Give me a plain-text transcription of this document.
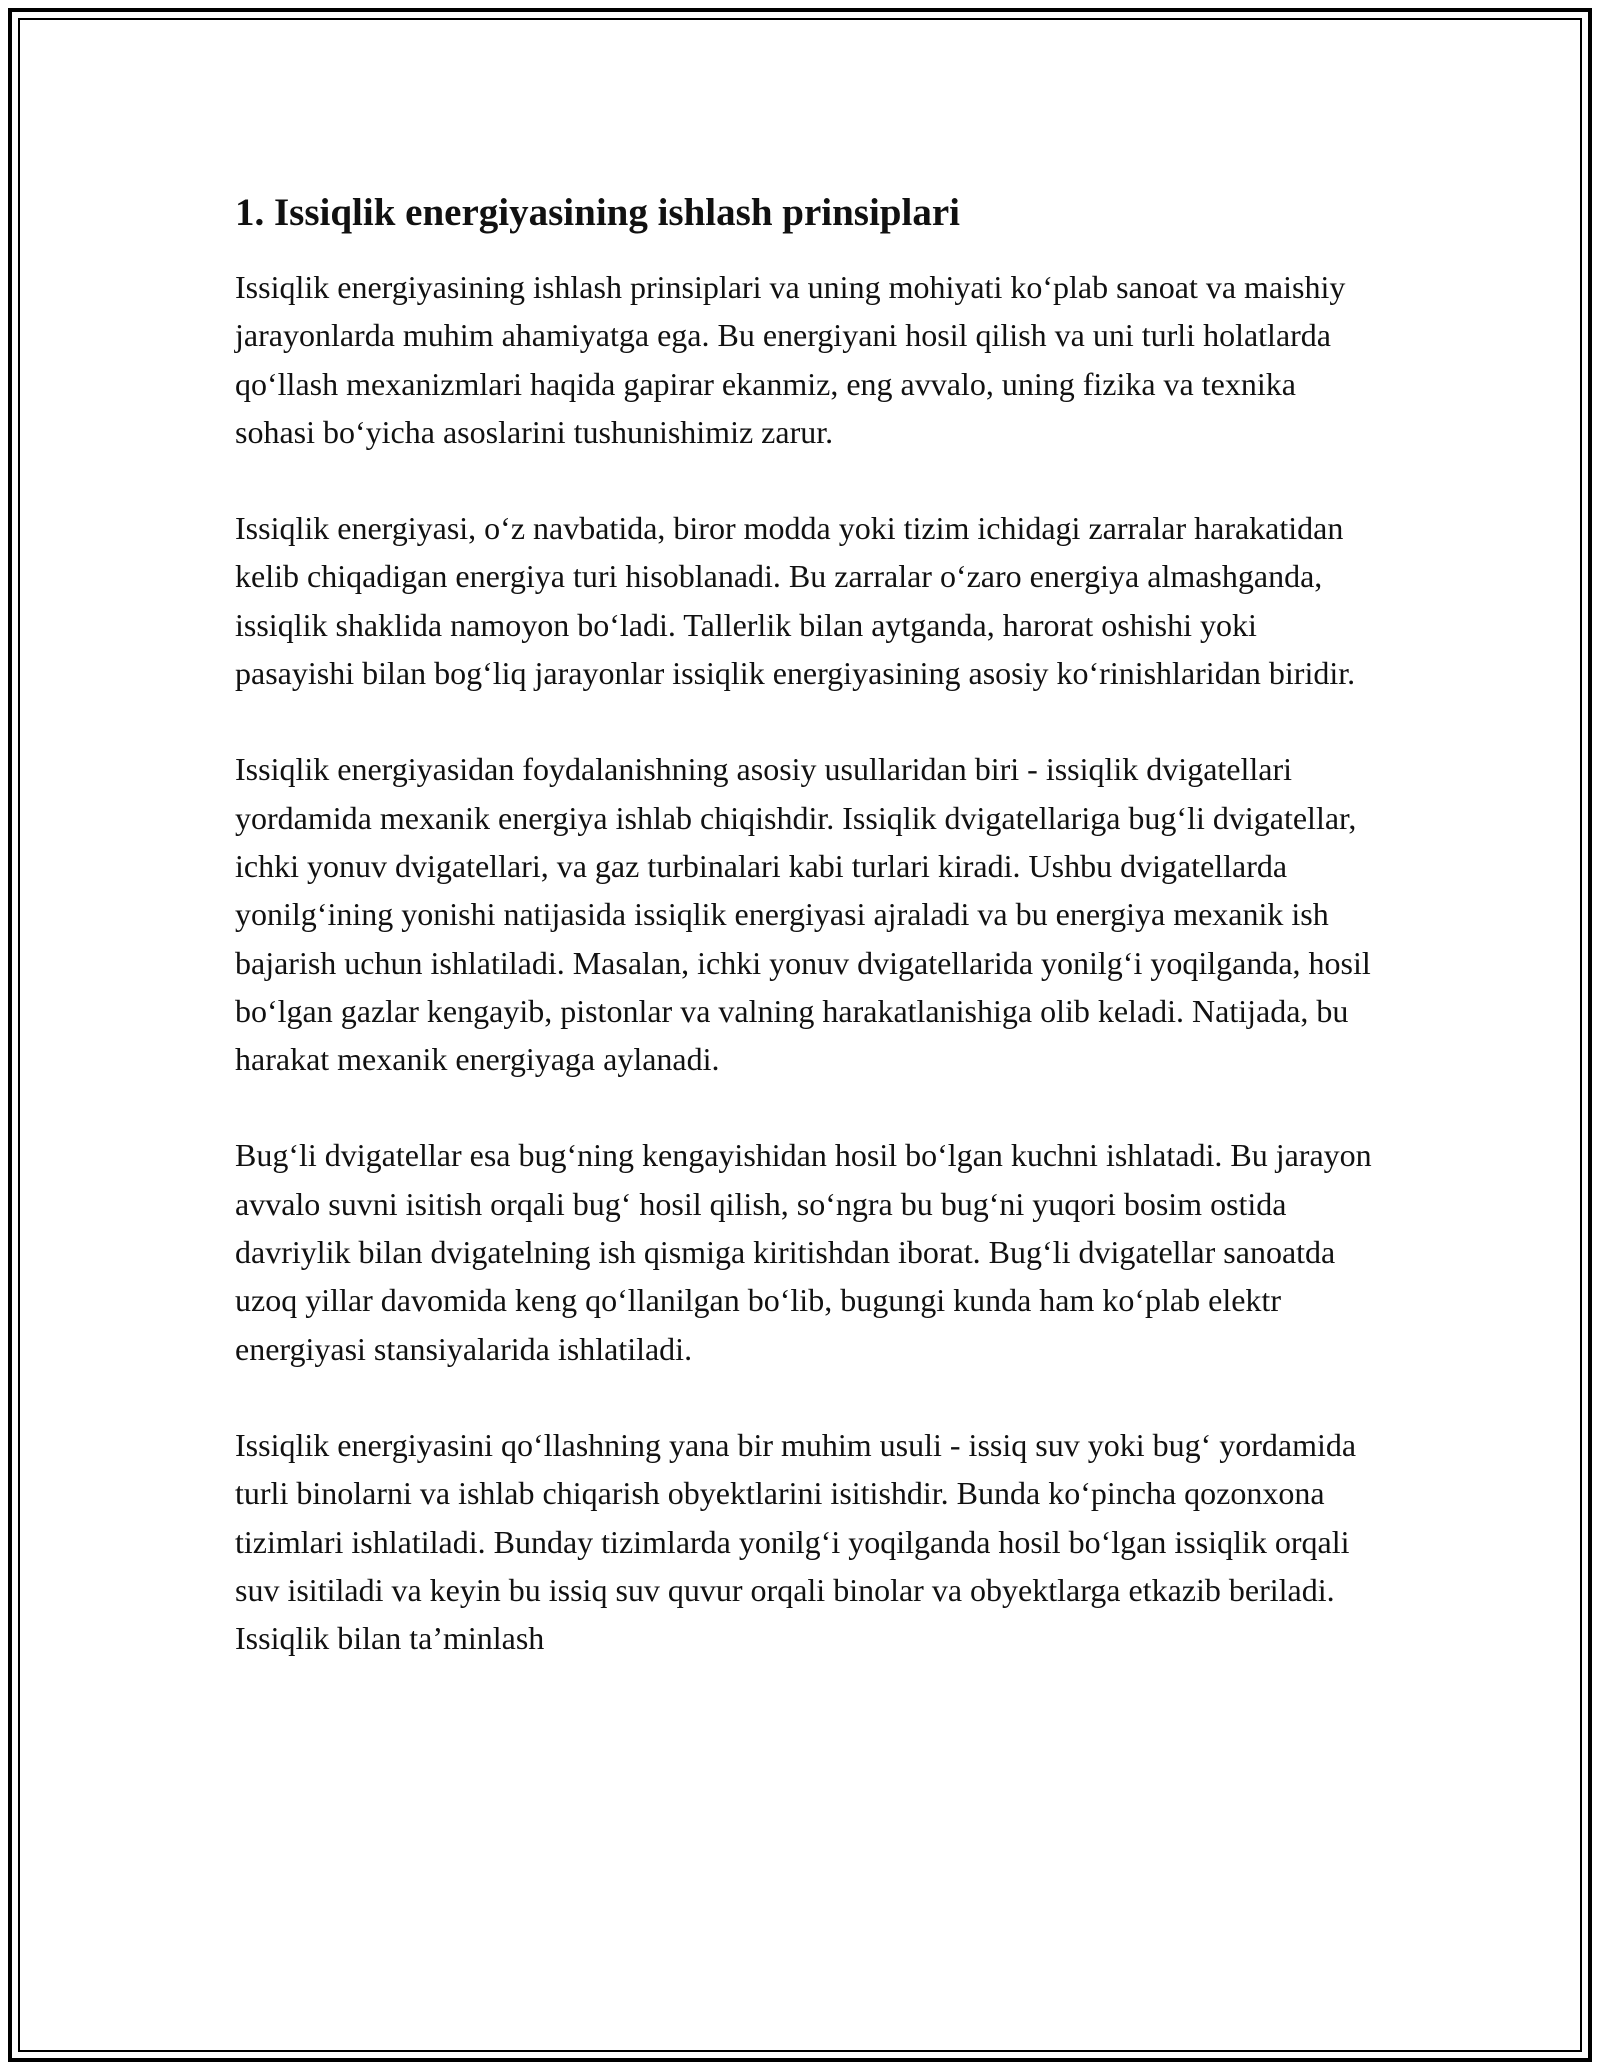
1. Issiqlik energiyasining ishlash prinsiplari

Issiqlik energiyasining ishlash prinsiplari va uning mohiyati ko‘plab sanoat va maishiy jarayonlarda muhim ahamiyatga ega. Bu energiyani hosil qilish va uni turli holatlarda qo‘llash mexanizmlari haqida gapirar ekanmiz, eng avvalo, uning fizika va texnika sohasi bo‘yicha asoslarini tushunishimiz zarur.

Issiqlik energiyasi, o‘z navbatida, biror modda yoki tizim ichidagi zarralar harakatidan kelib chiqadigan energiya turi hisoblanadi. Bu zarralar o‘zaro energiya almashganda, issiqlik shaklida namoyon bo‘ladi. Tallerlik bilan aytganda, harorat oshishi yoki pasayishi bilan bog‘liq jarayonlar issiqlik energiyasining asosiy ko‘rinishlaridan biridir.

Issiqlik energiyasidan foydalanishning asosiy usullaridan biri - issiqlik dvigatellari yordamida mexanik energiya ishlab chiqishdir. Issiqlik dvigatellariga bug‘li dvigatellar, ichki yonuv dvigatellari, va gaz turbinalari kabi turlari kiradi. Ushbu dvigatellarda yonilg‘ining yonishi natijasida issiqlik energiyasi ajraladi va bu energiya mexanik ish bajarish uchun ishlatiladi. Masalan, ichki yonuv dvigatellarida yonilg‘i yoqilganda, hosil bo‘lgan gazlar kengayib, pistonlar va valning harakatlanishiga olib keladi. Natijada, bu harakat mexanik energiyaga aylanadi.

Bug‘li dvigatellar esa bug‘ning kengayishidan hosil bo‘lgan kuchni ishlatadi. Bu jarayon avvalo suvni isitish orqali bug‘ hosil qilish, so‘ngra bu bug‘ni yuqori bosim ostida davriylik bilan dvigatelning ish qismiga kiritishdan iborat. Bug‘li dvigatellar sanoatda uzoq yillar davomida keng qo‘llanilgan bo‘lib, bugungi kunda ham ko‘plab elektr energiyasi stansiyalarida ishlatiladi.

Issiqlik energiyasini qo‘llashning yana bir muhim usuli - issiq suv yoki bug‘ yordamida turli binolarni va ishlab chiqarish obyektlarini isitishdir. Bunda ko‘pincha qozonxona tizimlari ishlatiladi. Bunday tizimlarda yonilg‘i yoqilganda hosil bo‘lgan issiqlik orqali suv isitiladi va keyin bu issiq suv quvur orqali binolar va obyektlarga etkazib beriladi. Issiqlik bilan ta’minlash
